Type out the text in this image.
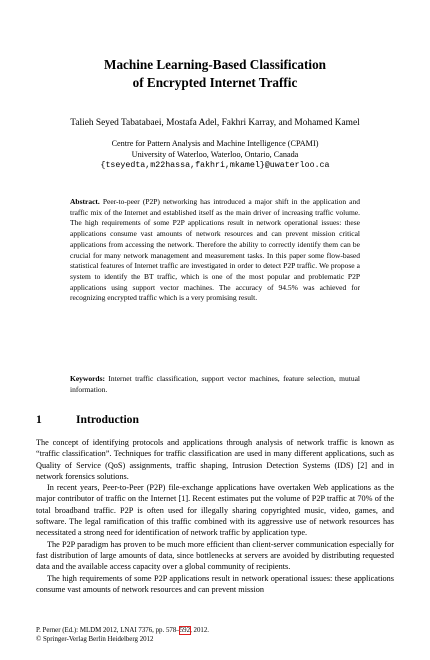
Machine Learning-Based Classification
of Encrypted Internet Traffic
Talieh Seyed Tabatabaei, Mostafa Adel, Fakhri Karray, and Mohamed Kamel
Centre for Pattern Analysis and Machine Intelligence (CPAMI)
University of Waterloo, Waterloo, Ontario, Canada
{tseyedta,m22hassa,fakhri,mkamel}@uwaterloo.ca
Abstract. Peer-to-peer (P2P) networking has introduced a major shift in the application and traffic mix of the Internet and established itself as the main driver of increasing traffic volume. The high requirements of some P2P applications result in network operational issues: these applications consume vast amounts of network resources and can prevent mission critical applications from accessing the network. Therefore the ability to correctly identify them can be crucial for many network management and measurement tasks. In this paper some flow-based statistical features of Internet traffic are investigated in order to detect P2P traffic. We propose a system to identify the BT traffic, which is one of the most popular and problematic P2P applications using support vector machines. The accuracy of 94.5% was achieved for recognizing encrypted traffic which is a very promising result.
Keywords: Internet traffic classification, support vector machines, feature selection, mutual information.
1	Introduction

The concept of identifying protocols and applications through analysis of network traffic is known as “traffic classification”. Techniques for traffic classification are used in many different applications, such as Quality of Service (QoS) assignments, traffic shaping, Intrusion Detection Systems (IDS) [2] and in network forensics solutions.

In recent years, Peer-to-Peer (P2P) file-exchange applications have overtaken Web applications as the major contributor of traffic on the Internet [1]. Recent estimates put the volume of P2P traffic at 70% of the total broadband traffic. P2P is often used for illegally sharing copyrighted music, video, games, and software. The legal ramification of this traffic combined with its aggressive use of network resources has necessitated a strong need for identification of network traffic by application type.

The P2P paradigm has proven to be much more efficient than client-server communication especially for fast distribution of large amounts of data, since bottlenecks at servers are avoided by distributing requested data and the available access capacity over a global community of recipients.

The high requirements of some P2P applications result in network operational issues: these applications consume vast amounts of network resources and can prevent mission

P. Perner (Ed.): MLDM 2012, LNAI 7376, pp. 578–592, 2012.
© Springer-Verlag Berlin Heidelberg 2012
